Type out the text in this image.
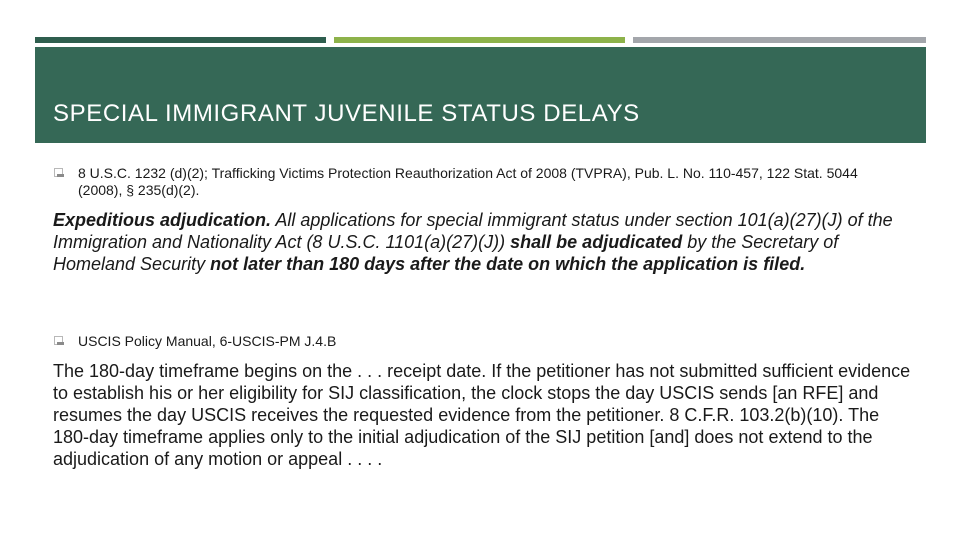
SPECIAL IMMIGRANT JUVENILE STATUS DELAYS
8 U.S.C. 1232 (d)(2); Trafficking Victims Protection Reauthorization Act of 2008 (TVPRA), Pub. L. No. 110-457, 122 Stat. 5044 (2008), § 235(d)(2).
Expeditious adjudication. All applications for special immigrant status under section 101(a)(27)(J) of the Immigration and Nationality Act (8 U.S.C. 1101(a)(27)(J)) shall be adjudicated by the Secretary of Homeland Security not later than 180 days after the date on which the application is filed.
USCIS Policy Manual, 6-USCIS-PM J.4.B
The 180-day timeframe begins on the . . . receipt date. If the petitioner has not submitted sufficient evidence to establish his or her eligibility for SIJ classification, the clock stops the day USCIS sends [an RFE] and resumes the day USCIS receives the requested evidence from the petitioner. 8 C.F.R. 103.2(b)(10). The 180-day timeframe applies only to the initial adjudication of the SIJ petition [and] does not extend to the adjudication of any motion or appeal . . . .
